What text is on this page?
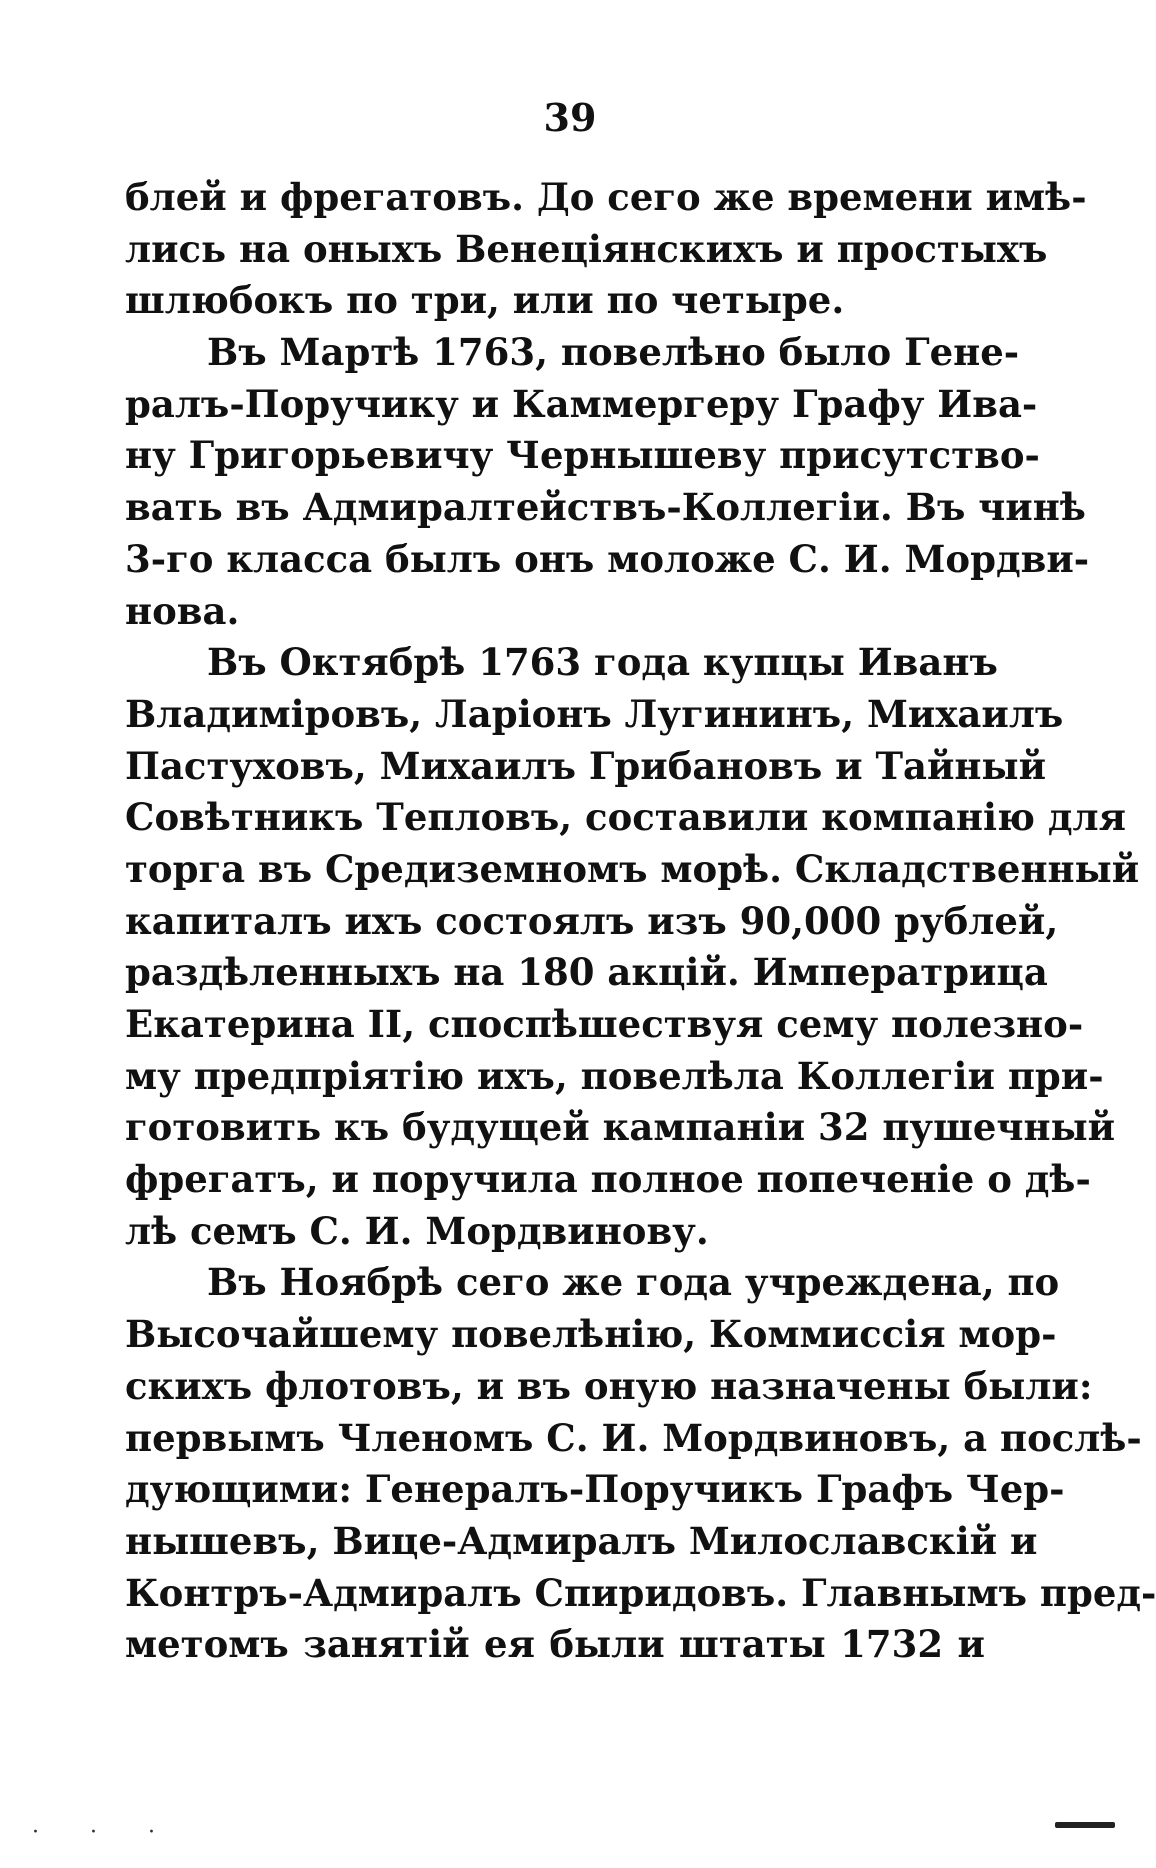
39
блей и фрегатовъ. До сего же времени имѣ-
лись на оныхъ Венеціянскихъ и простыхъ
шлюбокъ по три, или по четыре.
Въ Мартѣ 1763, повелѣно было Гене-
ралъ-Поручику и Каммергеру Графу Ива-
ну Григорьевичу Чернышеву присутство-
вать въ Адмиралтействъ-Коллегіи. Въ чинѣ
3-го класса былъ онъ моложе С. И. Мордви-
нова.
Въ Октябрѣ 1763 года купцы Иванъ
Владиміровъ, Ларіонъ Лугининъ, Михаилъ
Пастуховъ, Михаилъ Грибановъ и Тайный
Совѣтникъ Тепловъ, составили компанію для
торга въ Средиземномъ морѣ. Складственный
капиталъ ихъ состоялъ изъ 90,000 рублей,
раздѣленныхъ на 180 акцій. Императрица
Екатерина II, споспѣшествуя сему полезно-
му предпріятію ихъ, повелѣла Коллегіи при-
готовить къ будущей кампаніи 32 пушечный
фрегатъ, и поручила полное попеченіе о дѣ-
лѣ семъ С. И. Мордвинову.
Въ Ноябрѣ сего же года учреждена, по
Высочайшему повелѣнію, Коммиссія мор-
скихъ флотовъ, и въ оную назначены были:
первымъ Членомъ С. И. Мордвиновъ, а послѣ-
дующими: Генералъ-Поручикъ Графъ Чер-
нышевъ, Вице-Адмиралъ Милославскій и
Контръ-Адмиралъ Спиридовъ. Главнымъ пред-
метомъ занятій ея были штаты 1732 и
· · ·
